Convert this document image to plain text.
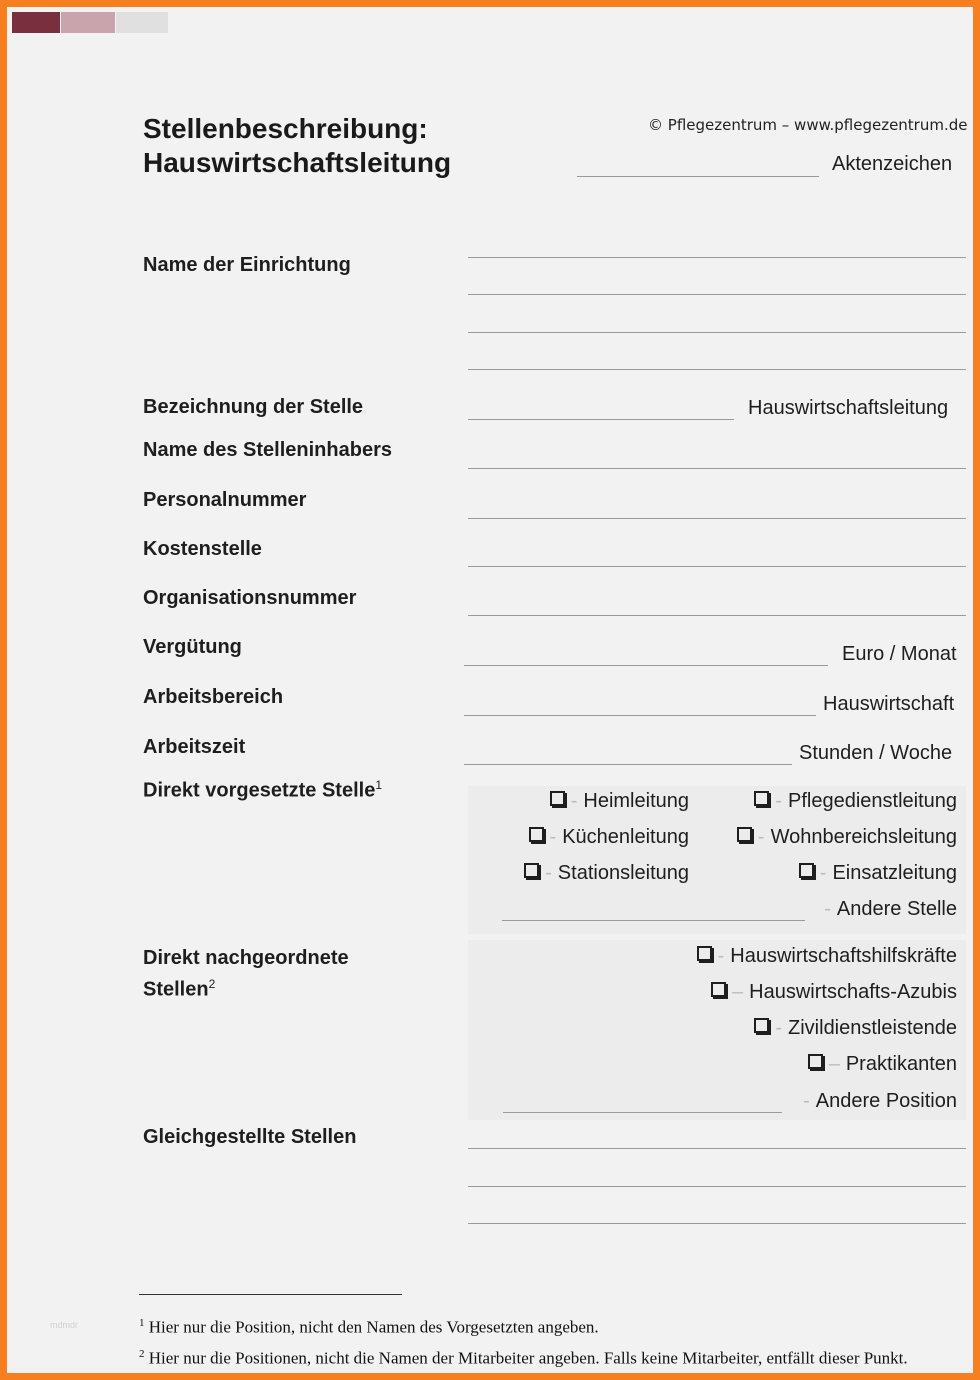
Stellenbeschreibung:
Hauswirtschaftsleitung
© Pflegezentrum – www.pflegezentrum.de
Aktenzeichen
Name der Einrichtung
Bezeichnung der Stelle	Hauswirtschaftsleitung
Name des Stelleninhabers
Personalnummer
Kostenstelle
Organisationsnummer
Vergütung	Euro / Monat
Arbeitsbereich	Hauswirtschaft
Arbeitszeit	Stunden / Woche
Direkt vorgesetzte Stelle$^1$
- Heimleitung	- Pflegedienstleitung
- Küchenleitung	- Wohnbereichsleitung
- Stationsleitung	- Einsatzleitung
- Andere Stelle
Direkt nachgeordnete
Stellen$^2$
- Hauswirtschaftshilfskräfte
– Hauswirtschafts-Azubis
- Zivildienstleistende
– Praktikanten
- Andere Position
Gleichgestellte Stellen
$^1$ Hier nur die Position, nicht den Namen des Vorgesetzten angeben.
$^2$ Hier nur die Positionen, nicht die Namen der Mitarbeiter angeben. Falls keine Mitarbeiter, entfällt dieser Punkt.
mdmdr
